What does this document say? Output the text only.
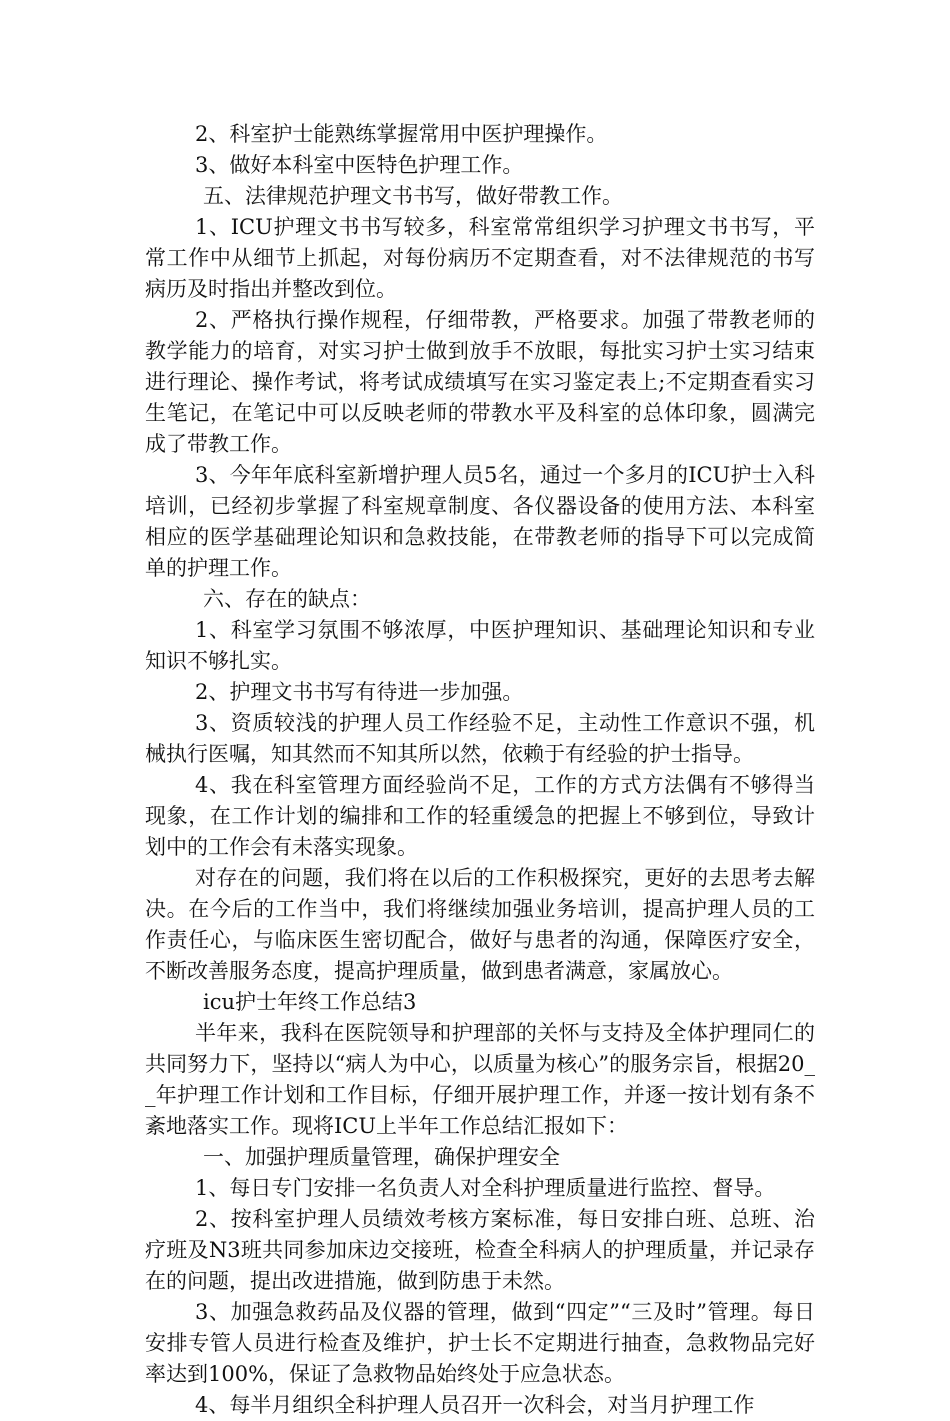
2、科室护士能熟练掌握常用中医护理操作。

3、做好本科室中医特色护理工作。

五、法律规范护理文书书写，做好带教工作。

1、ICU护理文书书写较多，科室常常组织学习护理文书书写，平常工作中从细节上抓起，对每份病历不定期查看，对不法律规范的书写病历及时指出并整改到位。

2、严格执行操作规程，仔细带教，严格要求。加强了带教老师的教学能力的培育，对实习护士做到放手不放眼，每批实习护士实习结束进行理论、操作考试，将考试成绩填写在实习鉴定表上;不定期查看实习生笔记，在笔记中可以反映老师的带教水平及科室的总体印象，圆满完成了带教工作。

3、今年年底科室新增护理人员5名，通过一个多月的ICU护士入科培训，已经初步掌握了科室规章制度、各仪器设备的使用方法、本科室相应的医学基础理论知识和急救技能，在带教老师的指导下可以完成简单的护理工作。

六、存在的缺点：

1、科室学习氛围不够浓厚，中医护理知识、基础理论知识和专业知识不够扎实。

2、护理文书书写有待进一步加强。

3、资质较浅的护理人员工作经验不足，主动性工作意识不强，机械执行医嘱，知其然而不知其所以然，依赖于有经验的护士指导。

4、我在科室管理方面经验尚不足，工作的方式方法偶有不够得当现象，在工作计划的编排和工作的轻重缓急的把握上不够到位，导致计划中的工作会有未落实现象。

对存在的问题，我们将在以后的工作积极探究，更好的去思考去解决。在今后的工作当中，我们将继续加强业务培训，提高护理人员的工作责任心，与临床医生密切配合，做好与患者的沟通，保障医疗安全，不断改善服务态度，提高护理质量，做到患者满意，家属放心。

icu护士年终工作总结3

半年来，我科在医院领导和护理部的关怀与支持及全体护理同仁的共同努力下，坚持以“病人为中心，以质量为核心”的服务宗旨，根据20__年护理工作计划和工作目标，仔细开展护理工作，并逐一按计划有条不紊地落实工作。现将ICU上半年工作总结汇报如下：

一、加强护理质量管理，确保护理安全

1、每日专门安排一名负责人对全科护理质量进行监控、督导。

2、按科室护理人员绩效考核方案标准，每日安排白班、总班、治疗班及N3班共同参加床边交接班，检查全科病人的护理质量，并记录存在的问题，提出改进措施，做到防患于未然。

3、加强急救药品及仪器的管理，做到“四定”“三及时”管理。每日安排专管人员进行检查及维护，护士长不定期进行抽查，急救物品完好率达到100%，保证了急救物品始终处于应急状态。

4、每半月组织全科护理人员召开一次科会，对当月护理工作
